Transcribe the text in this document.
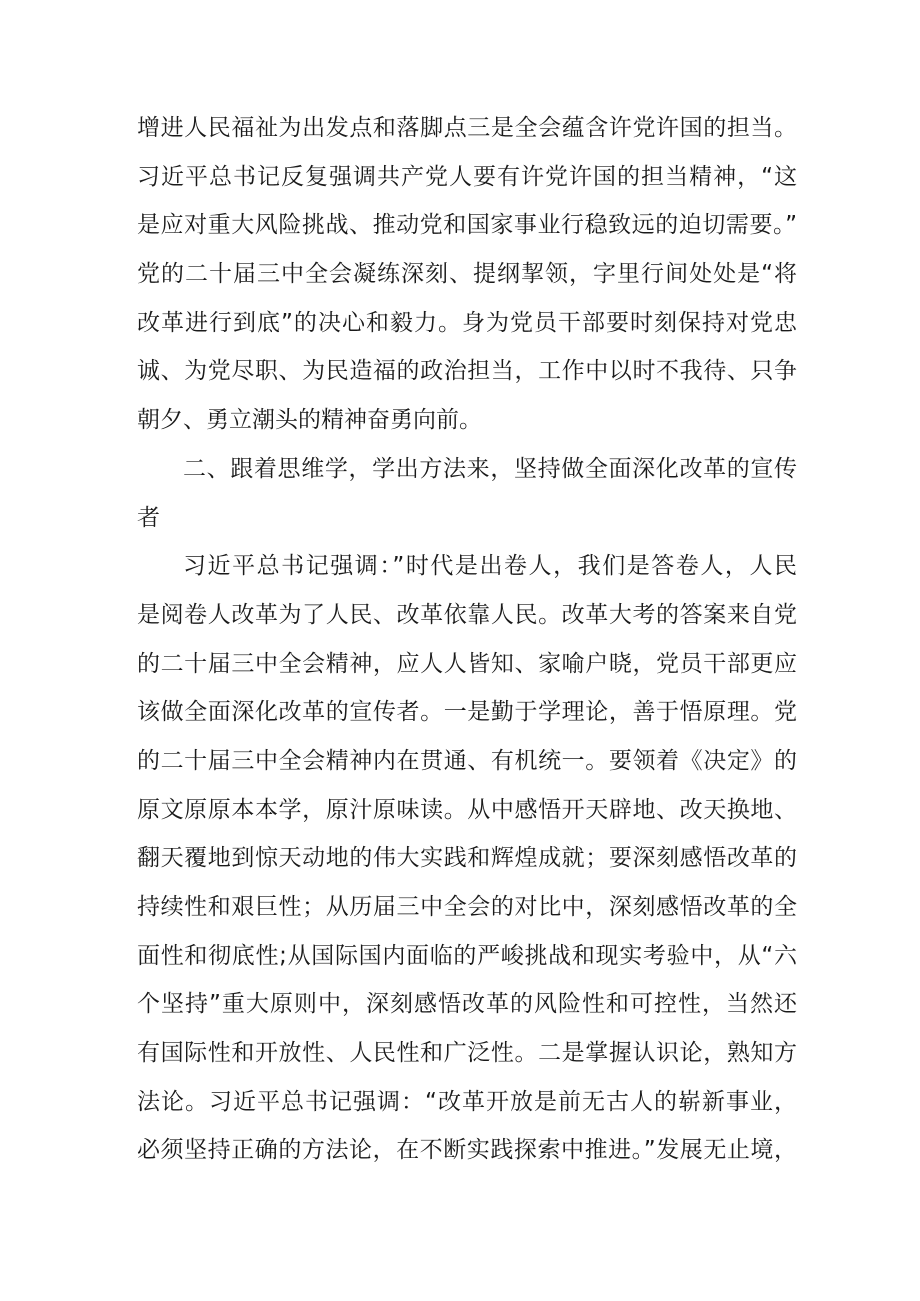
增进人民福祉为出发点和落脚点三是全会蕴含许党许国的担当。
习近平总书记反复强调共产党人要有许党许国的担当精神，“这
是应对重大风险挑战、推动党和国家事业行稳致远的迫切需要。”
党的二十届三中全会凝练深刻、提纲挈领，字里行间处处是“将
改革进行到底”的决心和毅力。身为党员干部要时刻保持对党忠
诚、为党尽职、为民造福的政治担当，工作中以时不我待、只争
朝夕、勇立潮头的精神奋勇向前。
二、跟着思维学，学出方法来，坚持做全面深化改革的宣传
者
习近平总书记强调：”时代是出卷人，我们是答卷人，人民
是阅卷人改革为了人民、改革依靠人民。改革大考的答案来自党
的二十届三中全会精神，应人人皆知、家喻户晓，党员干部更应
该做全面深化改革的宣传者。一是勤于学理论，善于悟原理。党
的二十届三中全会精神内在贯通、有机统一。要领着《决定》的
原文原原本本学，原汁原味读。从中感悟开天辟地、改天换地、
翻天覆地到惊天动地的伟大实践和辉煌成就；要深刻感悟改革的
持续性和艰巨性；从历届三中全会的对比中，深刻感悟改革的全
面性和彻底性;从国际国内面临的严峻挑战和现实考验中，从“六
个坚持”重大原则中，深刻感悟改革的风险性和可控性，当然还
有国际性和开放性、人民性和广泛性。二是掌握认识论，熟知方
法论。习近平总书记强调：“改革开放是前无古人的崭新事业，
必须坚持正确的方法论，在不断实践探索中推进。”发展无止境，
